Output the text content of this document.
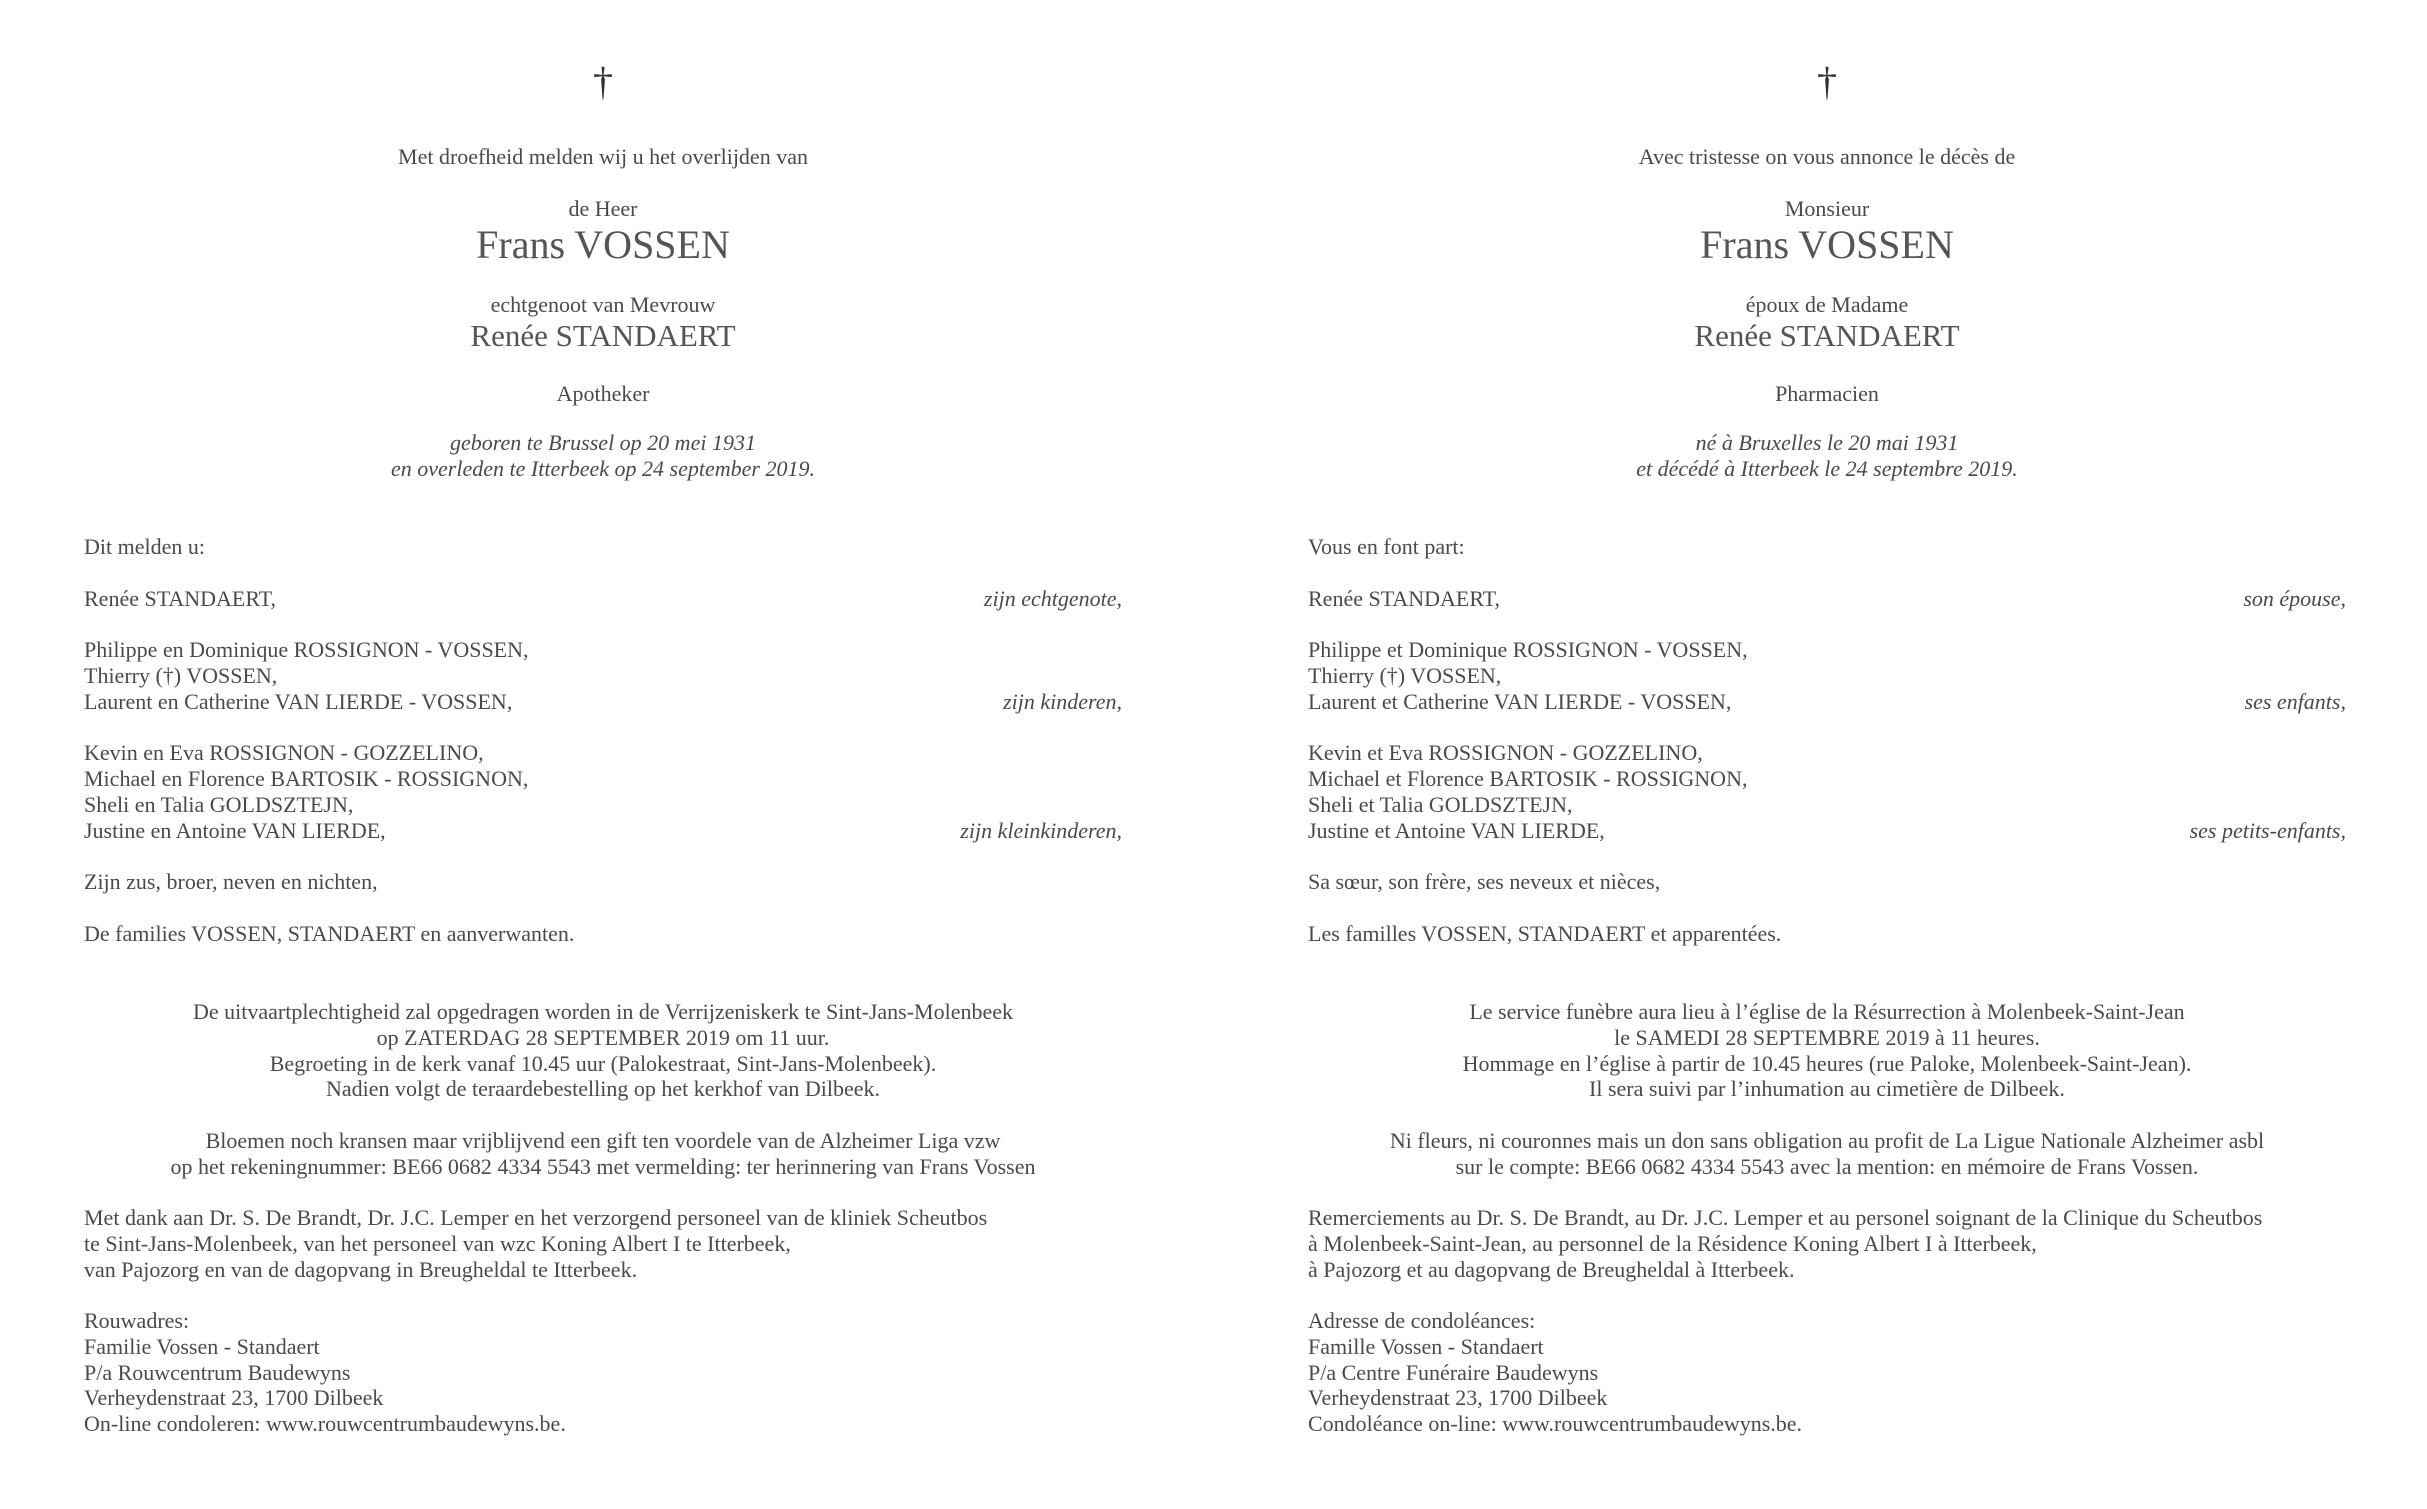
†
Met droefheid melden wij u het overlijden van
de Heer
Frans VOSSEN
echtgenoot van Mevrouw
Renée STANDAERT
Apotheker
geboren te Brussel op 20 mei 1931
en overleden te Itterbeek op 24 september 2019.
Dit melden u:
Renée STANDAERT,	zijn echtgenote,
Philippe en Dominique ROSSIGNON - VOSSEN,
Thierry (†) VOSSEN,
Laurent en Catherine VAN LIERDE - VOSSEN,	zijn kinderen,
Kevin en Eva ROSSIGNON - GOZZELINO,
Michael en Florence BARTOSIK - ROSSIGNON,
Sheli en Talia GOLDSZTEJN,
Justine en Antoine VAN LIERDE,	zijn kleinkinderen,
Zijn zus, broer, neven en nichten,
De families VOSSEN, STANDAERT en aanverwanten.
De uitvaartplechtigheid zal opgedragen worden in de Verrijzeniskerk te Sint-Jans-Molenbeek
op ZATERDAG 28 SEPTEMBER 2019 om 11 uur.
Begroeting in de kerk vanaf 10.45 uur (Palokestraat, Sint-Jans-Molenbeek).
Nadien volgt de teraardebestelling op het kerkhof van Dilbeek.
Bloemen noch kransen maar vrijblijvend een gift ten voordele van de Alzheimer Liga vzw
op het rekeningnummer: BE66 0682 4334 5543 met vermelding: ter herinnering van Frans Vossen
Met dank aan Dr. S. De Brandt, Dr. J.C. Lemper en het verzorgend personeel van de kliniek Scheutbos
te Sint-Jans-Molenbeek, van het personeel van wzc Koning Albert I te Itterbeek,
van Pajozorg en van de dagopvang in Breugheldal te Itterbeek.
Rouwadres:
Familie Vossen - Standaert
P/a Rouwcentrum Baudewyns
Verheydenstraat 23, 1700 Dilbeek
On-line condoleren: www.rouwcentrumbaudewyns.be.
†
Avec tristesse on vous annonce le décès de
Monsieur
Frans VOSSEN
époux de Madame
Renée STANDAERT
Pharmacien
né à Bruxelles le 20 mai 1931
et décédé à Itterbeek le 24 septembre 2019.
Vous en font part:
Renée STANDAERT,	son épouse,
Philippe et Dominique ROSSIGNON - VOSSEN,
Thierry (†) VOSSEN,
Laurent et Catherine VAN LIERDE - VOSSEN,	ses enfants,
Kevin et Eva ROSSIGNON - GOZZELINO,
Michael et Florence BARTOSIK - ROSSIGNON,
Sheli et Talia GOLDSZTEJN,
Justine et Antoine VAN LIERDE,	ses petits-enfants,
Sa sœur, son frère, ses neveux et nièces,
Les familles VOSSEN, STANDAERT et apparentées.
Le service funèbre aura lieu à l’église de la Résurrection à Molenbeek-Saint-Jean
le SAMEDI 28 SEPTEMBRE 2019 à 11 heures.
Hommage en l’église à partir de 10.45 heures (rue Paloke, Molenbeek-Saint-Jean).
Il sera suivi par l’inhumation au cimetière de Dilbeek.
Ni fleurs, ni couronnes mais un don sans obligation au profit de La Ligue Nationale Alzheimer asbl
sur le compte: BE66 0682 4334 5543 avec la mention: en mémoire de Frans Vossen.
Remerciements au Dr. S. De Brandt, au Dr. J.C. Lemper et au personel soignant de la Clinique du Scheutbos
à Molenbeek-Saint-Jean, au personnel de la Résidence Koning Albert I à Itterbeek,
à Pajozorg et au dagopvang de Breugheldal à Itterbeek.
Adresse de condoléances:
Famille Vossen - Standaert
P/a Centre Funéraire Baudewyns
Verheydenstraat 23, 1700 Dilbeek
Condoléance on-line: www.rouwcentrumbaudewyns.be.
